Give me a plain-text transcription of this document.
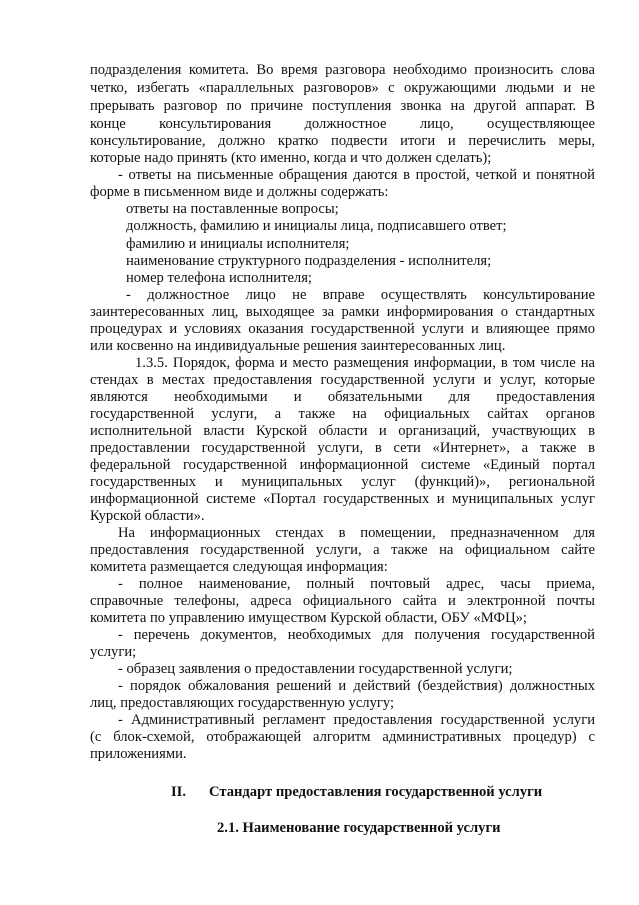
подразделения комитета. Во время разговора необходимо произносить слова
четко, избегать «параллельных разговоров» с окружающими людьми и не
прерывать разговор по причине поступления звонка на другой аппарат. В
конце консультирования должностное лицо, осуществляющее
консультирование, должно кратко подвести итоги и перечислить меры,
которые надо принять (кто именно, когда и что должен сделать);
- ответы на письменные обращения даются в простой, четкой и понятной
форме в письменном виде и должны содержать:
ответы на поставленные вопросы;
должность, фамилию и инициалы лица, подписавшего ответ;
фамилию и инициалы исполнителя;
наименование структурного подразделения - исполнителя;
номер телефона исполнителя;
- должностное лицо не вправе осуществлять консультирование
заинтересованных лиц, выходящее за рамки информирования о стандартных
процедурах и условиях оказания государственной услуги и влияющее прямо
или косвенно на индивидуальные решения заинтересованных лиц.
1.3.5. Порядок, форма и место размещения информации, в том числе на
стендах в местах предоставления государственной услуги и услуг, которые
являются необходимыми и обязательными для предоставления
государственной услуги, а также на официальных сайтах органов
исполнительной власти Курской области и организаций, участвующих в
предоставлении государственной услуги, в сети «Интернет», а также в
федеральной государственной информационной системе «Единый портал
государственных и муниципальных услуг (функций)», региональной
информационной системе «Портал государственных и муниципальных услуг
Курской области».
На информационных стендах в помещении, предназначенном для
предоставления государственной услуги, а также на официальном сайте
комитета размещается следующая информация:
- полное наименование, полный почтовый адрес, часы приема,
справочные телефоны, адреса официального сайта и электронной почты
комитета по управлению имуществом Курской области, ОБУ «МФЦ»;
- перечень документов, необходимых для получения государственной
услуги;
- образец заявления о предоставлении государственной услуги;
- порядок обжалования решений и действий (бездействия) должностных
лиц, предоставляющих государственную услугу;
- Административный регламент предоставления государственной услуги
(с блок-схемой, отображающей алгоритм административных процедур) с
приложениями.
II. Стандарт предоставления государственной услуги
2.1. Наименование государственной услуги
